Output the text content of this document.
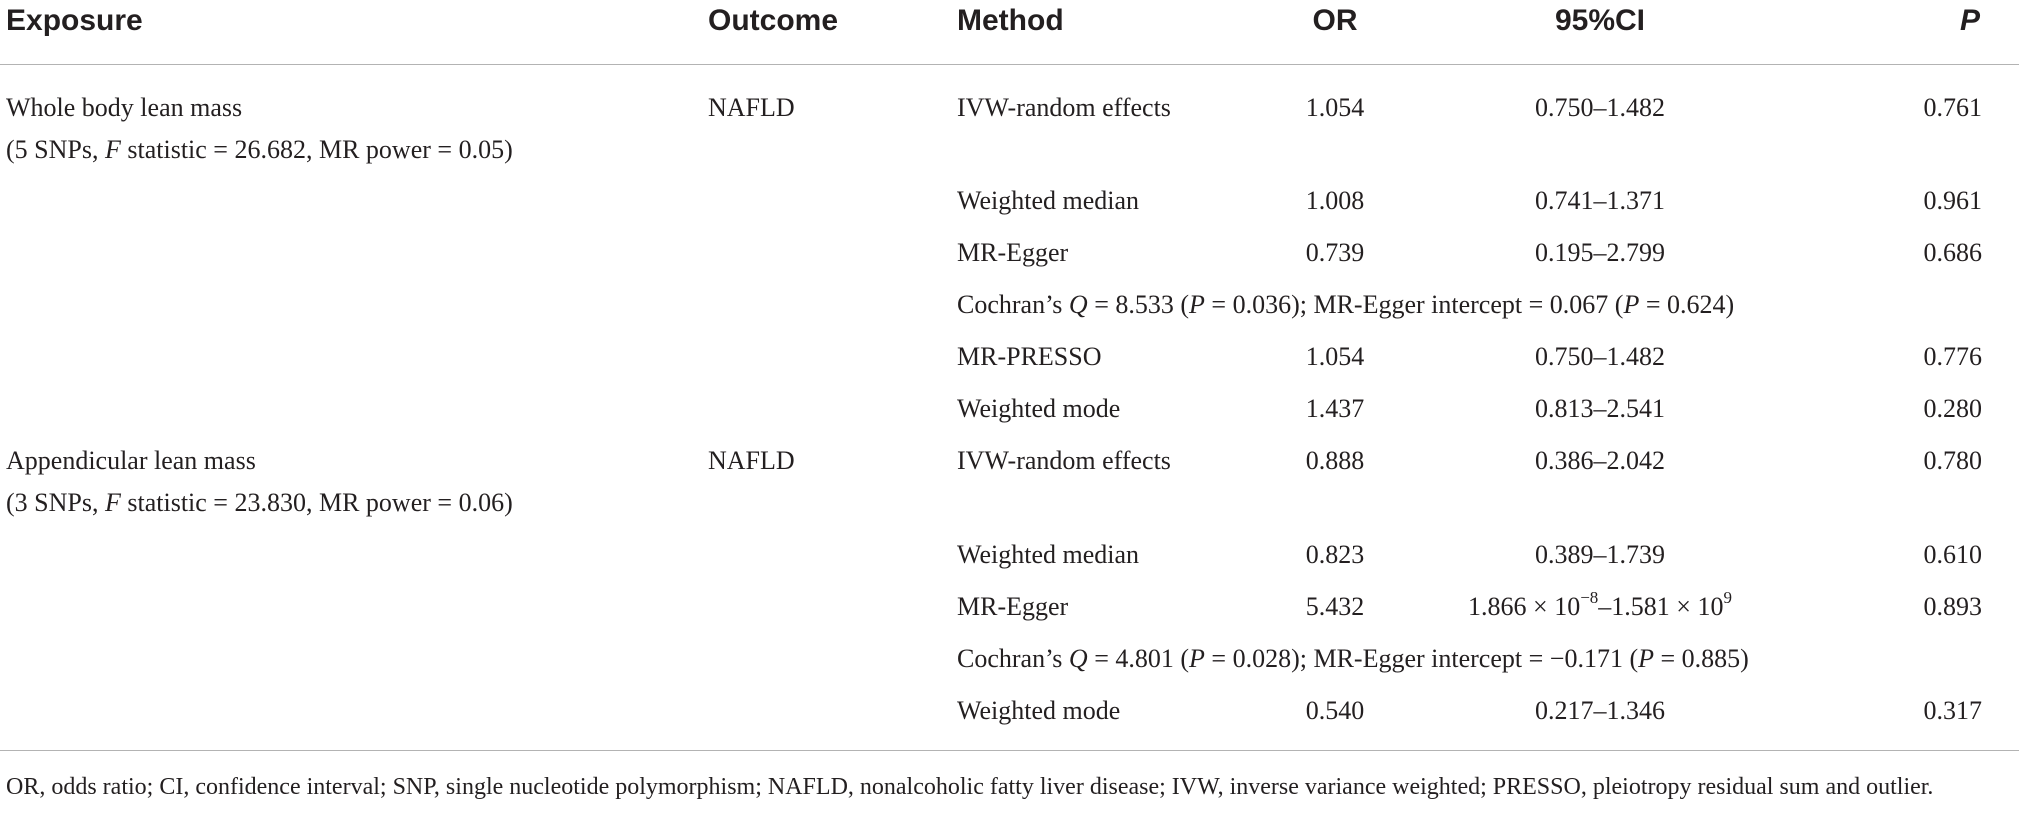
Exposure	Outcome	Method	OR	95%CI	P
Whole body lean mass
(5 SNPs, F statistic = 26.682, MR power = 0.05)
NAFLD	IVW-random effects	1.054	0.750–1.482	0.761
Weighted median	1.008	0.741–1.371	0.961
MR-Egger	0.739	0.195–2.799	0.686
Cochran’s Q = 8.533 (P = 0.036); MR-Egger intercept = 0.067 (P = 0.624)
MR-PRESSO	1.054	0.750–1.482	0.776
Weighted mode	1.437	0.813–2.541	0.280
Appendicular lean mass
(3 SNPs, F statistic = 23.830, MR power = 0.06)
NAFLD	IVW-random effects	0.888	0.386–2.042	0.780
Weighted median	0.823	0.389–1.739	0.610
MR-Egger	5.432	$1.866 \times 10^{-8}-1.581 \times 10^9$	0.893
Cochran’s Q = 4.801 (P = 0.028); MR-Egger intercept = −0.171 (P = 0.885)
Weighted mode	0.540	0.217–1.346	0.317
OR, odds ratio; CI, confidence interval; SNP, single nucleotide polymorphism; NAFLD, nonalcoholic fatty liver disease; IVW, inverse variance weighted; PRESSO, pleiotropy residual sum and outlier.
